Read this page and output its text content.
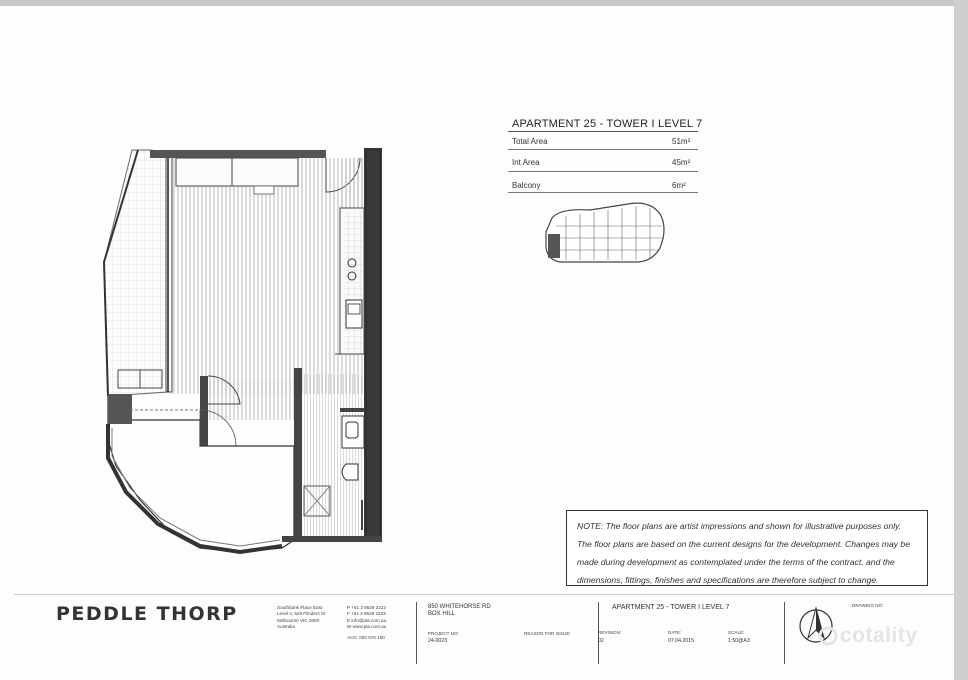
APARTMENT 25 - TOWER I LEVEL 7
Total Area	51m²
Int Area	45m²
Balcony	6m²
NOTE: The floor plans are artist impressions and shown for illustrative purposes only. The floor plans are based on the current designs for the development. Changes may be made during development as contemplated under the terms of the contract, and the dimensions, fittings, finishes and specifications are therefore subject to change.
PEDDLE THORP	Southbank Place East
Level 4, 525 Flinders St
Melbourne VIC 3000
Australia
P +61 3 9529 2222
F +61 3 9529 2233
E info@pta.com.au
W www.pta.com.au
ACN. 000 570 150
850 WHITEHORSE RD
BOX HILL
PROJECT NO:
24-0023
REASON FOR ISSUE:
APARTMENT 25 - TOWER I LEVEL 7
REVISION:
02
DATE:
07.04.2015
SCALE:
1:50@A3
DRAWING NO:
cotality
